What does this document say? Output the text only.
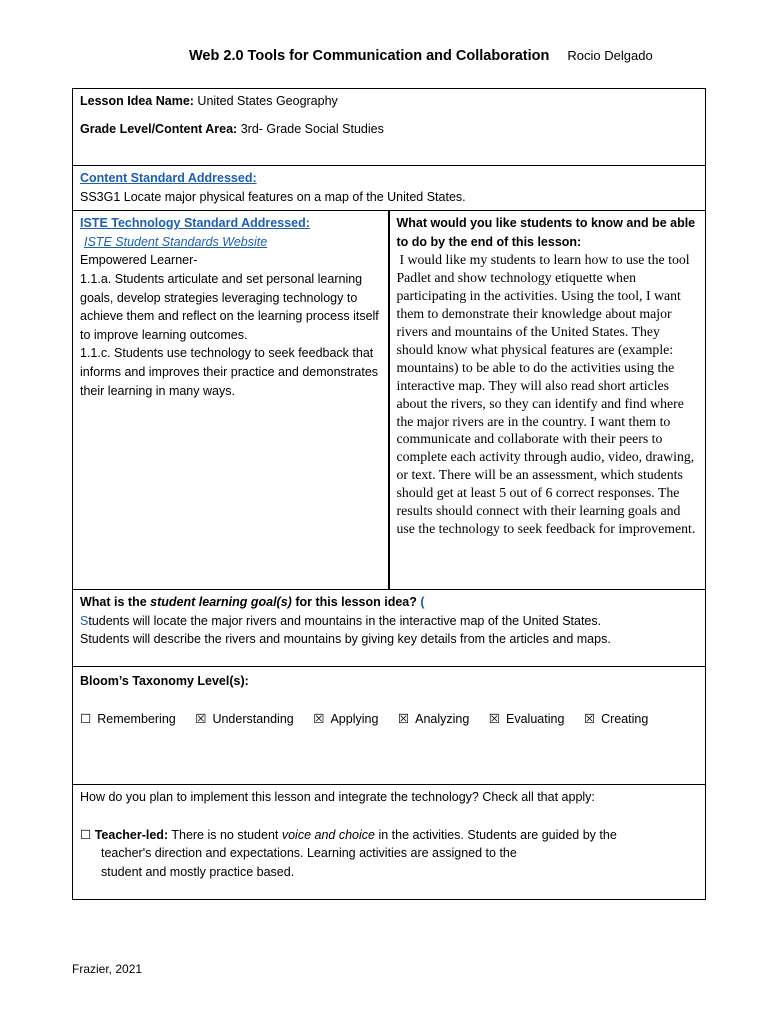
Web 2.0 Tools for Communication and Collaboration Rocio Delgado
Lesson Idea Name: United States Geography
Grade Level/Content Area: 3rd- Grade Social Studies

Content Standard Addressed:
SS3G1 Locate major physical features on a map of the United States.

ISTE Technology Standard Addressed:
ISTE Student Standards Website
Empowered Learner-
1.1.a. Students articulate and set personal learning goals, develop strategies leveraging technology to achieve them and reflect on the learning process itself to improve learning outcomes.
1.1.c. Students use technology to seek feedback that informs and improves their practice and demonstrates their learning in many ways.

What would you like students to know and be able to do by the end of this lesson:
I would like my students to learn how to use the tool Padlet and show technology etiquette when participating in the activities. Using the tool, I want them to demonstrate their knowledge about major rivers and mountains of the United States. They should know what physical features are (example: mountains) to be able to do the activities using the interactive map. They will also read short articles about the rivers, so they can identify and find where the major rivers are in the country. I want them to communicate and collaborate with their peers to complete each activity through audio, video, drawing, or text. There will be an assessment, which students should get at least 5 out of 6 correct responses. The results should connect with their learning goals and use the technology to seek feedback for improvement.

What is the student learning goal(s) for this lesson idea? (
Students will locate the major rivers and mountains in the interactive map of the United States.
Students will describe the rivers and mountains by giving key details from the articles and maps.

Bloom’s Taxonomy Level(s):
☐ Remembering ☒ Understanding ☒ Applying ☒ Analyzing ☒ Evaluating ☒ Creating

How do you plan to implement this lesson and integrate the technology? Check all that apply:
☐ Teacher-led: There is no student voice and choice in the activities. Students are guided by the
teacher's direction and expectations. Learning activities are assigned to the
student and mostly practice based.
Frazier, 2021
